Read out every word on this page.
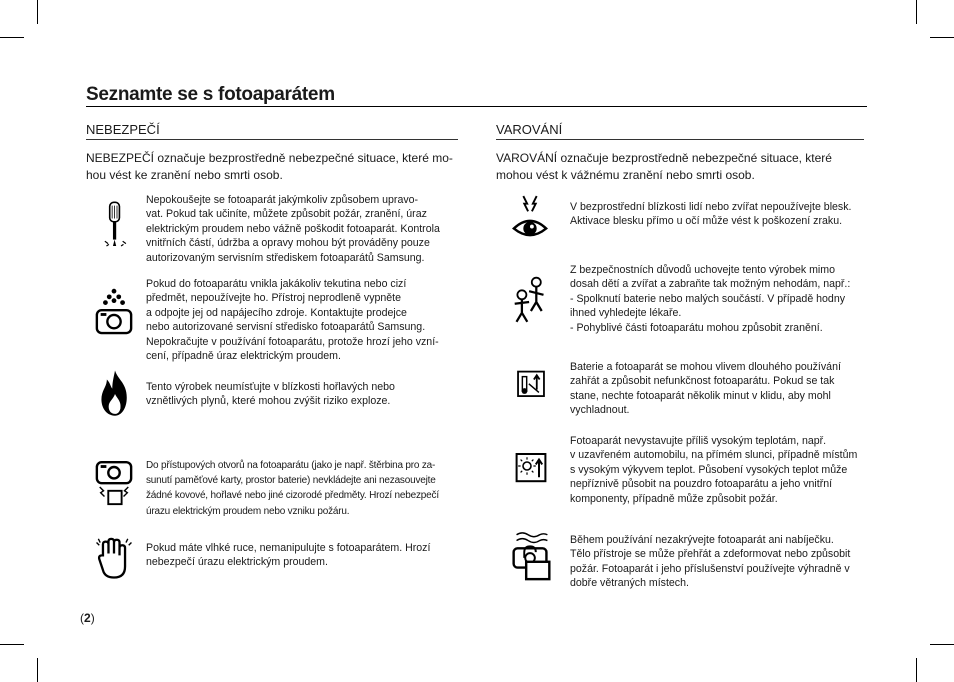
Seznamte se s fotoaparátem
NEBEZPEČÍ
NEBEZPEČÍ označuje bezprostředně nebezpečné situace, které mo-
hou vést ke zranění nebo smrti osob.
Nepokoušejte se fotoaparát jakýmkoliv způsobem upravo-
vat. Pokud tak učiníte, můžete způsobit požár, zranění, úraz
elektrickým proudem nebo vážně poškodit fotoaparát. Kontrola
vnitřních částí, údržba a opravy mohou být prováděny pouze
autorizovaným servisním střediskem fotoaparátů Samsung.
Pokud do fotoaparátu vnikla jakákoliv tekutina nebo cizí
předmět, nepoužívejte ho. Přístroj neprodleně vypněte
a odpojte jej od napájecího zdroje. Kontaktujte prodejce
nebo autorizované servisní středisko fotoaparátů Samsung.
Nepokračujte v používání fotoaparátu, protože hrozí jeho vzní-
cení, případně úraz elektrickým proudem.
Tento výrobek neumísťujte v blízkosti hořlavých nebo
vznětlivých plynů, které mohou zvýšit riziko exploze.
Do přístupových otvorů na fotoaparátu (jako je např. štěrbina pro za-
sunutí paměťové karty, prostor baterie) nevkládejte ani nezasouvejte
žádné kovové, hořlavé nebo jiné cizorodé předměty. Hrozí nebezpečí
úrazu elektrickým proudem nebo vzniku požáru.
Pokud máte vlhké ruce, nemanipulujte s fotoaparátem. Hrozí
nebezpečí úrazu elektrickým proudem.
VAROVÁNÍ
VAROVÁNÍ označuje bezprostředně nebezpečné situace, které
mohou vést k vážnému zranění nebo smrti osob.
V bezprostřední blízkosti lidí nebo zvířat nepoužívejte blesk.
Aktivace blesku přímo u očí může vést k poškození zraku.
Z bezpečnostních důvodů uchovejte tento výrobek mimo
dosah dětí a zvířat a zabraňte tak možným nehodám, např.:
- Spolknutí baterie nebo malých součástí. V případě hodny
ihned vyhledejte lékaře.
- Pohyblivé části fotoaparátu mohou způsobit zranění.
Baterie a fotoaparát se mohou vlivem dlouhého používání
zahřát a způsobit nefunkčnost fotoaparátu. Pokud se tak
stane, nechte fotoaparát několik minut v klidu, aby mohl
vychladnout.
Fotoaparát nevystavujte příliš vysokým teplotám, např.
v uzavřeném automobilu, na přímém slunci, případně místům
s vysokým výkyvem teplot. Působení vysokých teplot může
nepříznivě působit na pouzdro fotoaparátu a jeho vnitřní
komponenty, případně může způsobit požár.
Během používání nezakrývejte fotoaparát ani nabíječku.
Tělo přístroje se může přehřát a zdeformovat nebo způsobit
požár. Fotoaparát i jeho příslušenství používejte výhradně v
dobře větraných místech.
(2)
